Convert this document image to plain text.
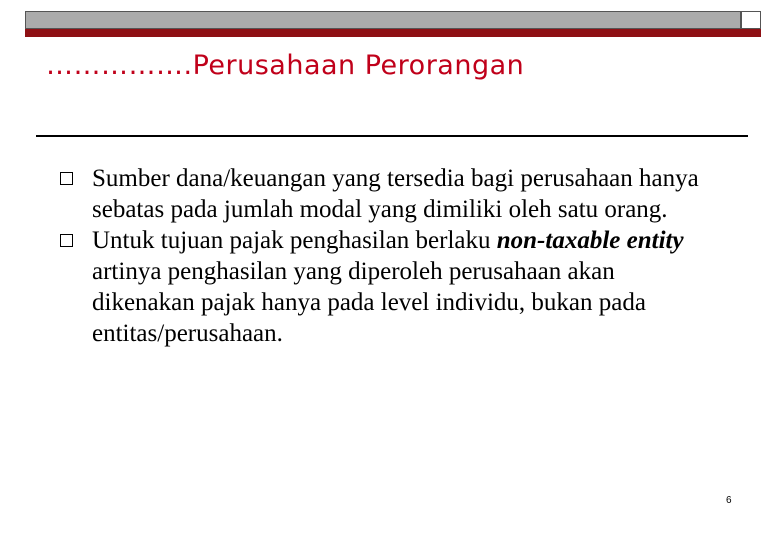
…………….Perusahaan Perorangan
Sumber dana/keuangan yang tersedia bagi perusahaan hanya sebatas pada jumlah modal yang dimiliki oleh satu orang.
Untuk tujuan pajak penghasilan berlaku non-taxable entity artinya penghasilan yang diperoleh perusahaan akan dikenakan pajak hanya pada level individu, bukan pada entitas/perusahaan.
6
